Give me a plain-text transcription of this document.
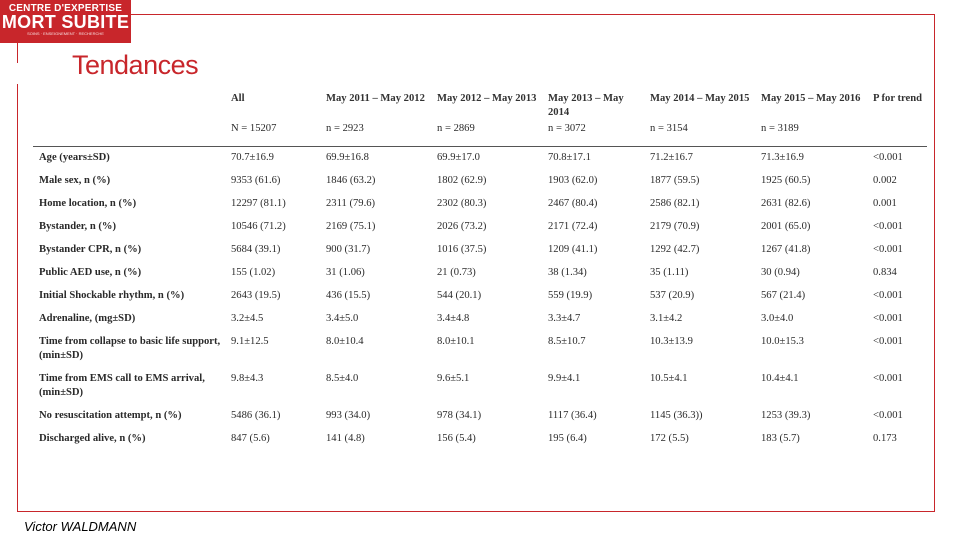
CENTRE D'EXPERTISE
MORT SUBITE
SOINS · ENSEIGNEMENT · RECHERCHE
Tendances
	All	May 2011 – May 2012	May 2012 – May 2013	May 2013 – May 2014	May 2014 – May 2015	May 2015 – May 2016	P for trend
	N = 15207	n = 2923	n = 2869	n = 3072	n = 3154	n = 3189	
Age (years±SD)	70.7±16.9	69.9±16.8	69.9±17.0	70.8±17.1	71.2±16.7	71.3±16.9	<0.001
Male sex, n (%)	9353 (61.6)	1846 (63.2)	1802 (62.9)	1903 (62.0)	1877 (59.5)	1925 (60.5)	0.002
Home location, n (%)	12297 (81.1)	2311 (79.6)	2302 (80.3)	2467 (80.4)	2586 (82.1)	2631 (82.6)	0.001
Bystander, n (%)	10546 (71.2)	2169 (75.1)	2026 (73.2)	2171 (72.4)	2179 (70.9)	2001 (65.0)	<0.001
Bystander CPR, n (%)	5684 (39.1)	900 (31.7)	1016 (37.5)	1209 (41.1)	1292 (42.7)	1267 (41.8)	<0.001
Public AED use, n (%)	155 (1.02)	31 (1.06)	21 (0.73)	38 (1.34)	35 (1.11)	30 (0.94)	0.834
Initial Shockable rhythm, n (%)	2643 (19.5)	436 (15.5)	544 (20.1)	559 (19.9)	537 (20.9)	567 (21.4)	<0.001
Adrenaline, (mg±SD)	3.2±4.5	3.4±5.0	3.4±4.8	3.3±4.7	3.1±4.2	3.0±4.0	<0.001
Time from collapse to basic life support, (min±SD)	9.1±12.5	8.0±10.4	8.0±10.1	8.5±10.7	10.3±13.9	10.0±15.3	<0.001
Time from EMS call to EMS arrival, (min±SD)	9.8±4.3	8.5±4.0	9.6±5.1	9.9±4.1	10.5±4.1	10.4±4.1	<0.001
No resuscitation attempt, n (%)	5486 (36.1)	993 (34.0)	978 (34.1)	1117 (36.4)	1145 (36.3))	1253 (39.3)	<0.001
Discharged alive, n (%)	847 (5.6)	141 (4.8)	156 (5.4)	195 (6.4)	172 (5.5)	183 (5.7)	0.173
Victor WALDMANN
